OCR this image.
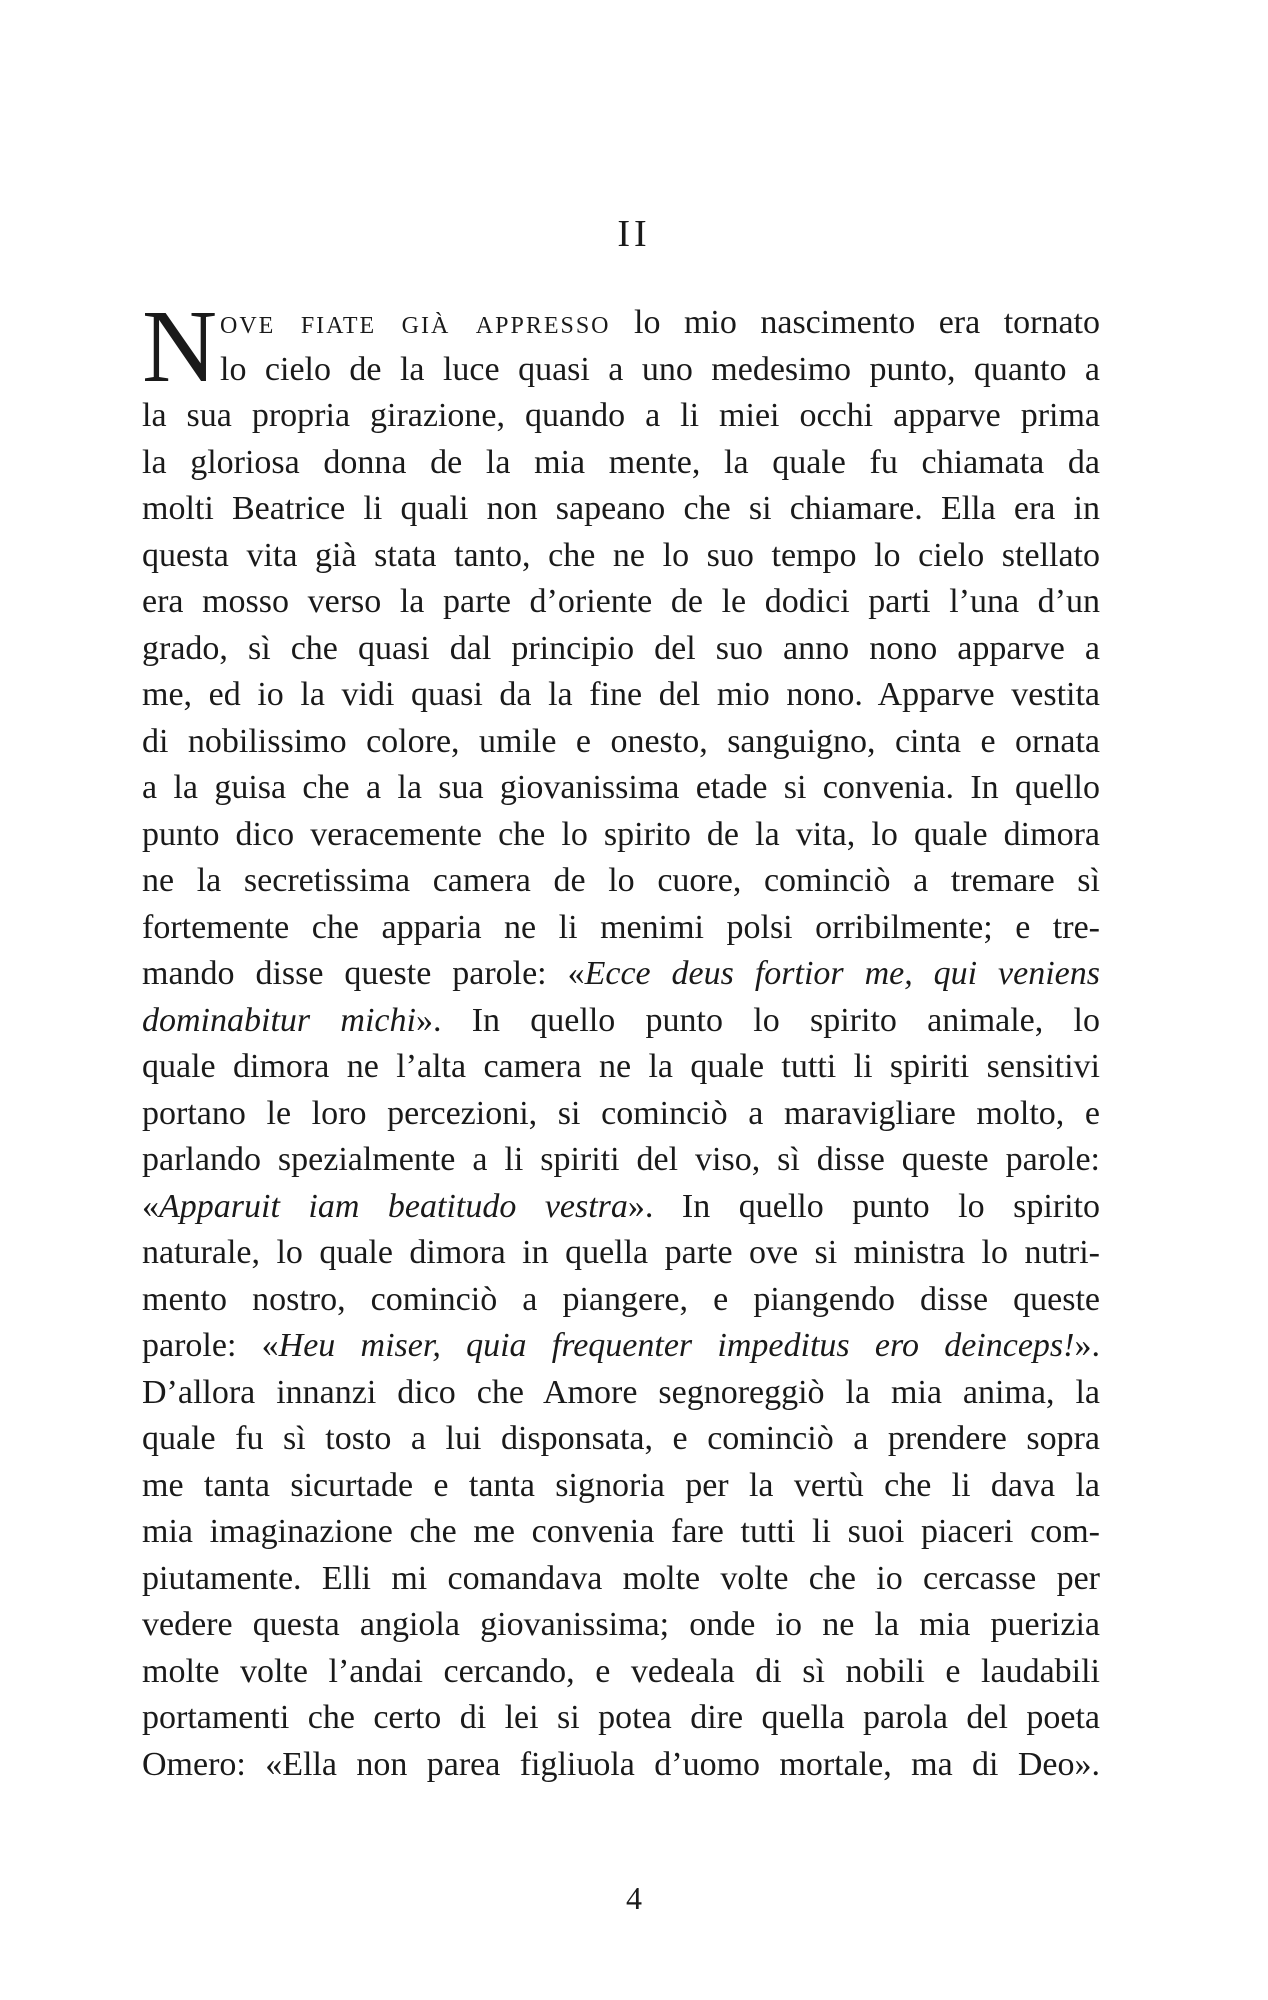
II
N ove fiate già appresso lo mio nascimento era tornato
lo cielo de la luce quasi a uno medesimo punto, quanto a
la sua propria girazione, quando a li miei occhi apparve prima
la gloriosa donna de la mia mente, la quale fu chiamata da
molti Beatrice li quali non sapeano che si chiamare. Ella era in
questa vita già stata tanto, che ne lo suo tempo lo cielo stellato
era mosso verso la parte d’oriente de le dodici parti l’una d’un
grado, sì che quasi dal principio del suo anno nono apparve a
me, ed io la vidi quasi da la fine del mio nono. Apparve vestita
di nobilissimo colore, umile e onesto, sanguigno, cinta e ornata
a la guisa che a la sua giovanissima etade si convenia. In quello
punto dico veracemente che lo spirito de la vita, lo quale dimora
ne la secretissima camera de lo cuore, cominciò a tremare sì
fortemente che apparia ne li menimi polsi orribilmente; e tre-
mando disse queste parole: «Ecce deus fortior me, qui veniens
dominabitur michi». In quello punto lo spirito animale, lo
quale dimora ne l’alta camera ne la quale tutti li spiriti sensitivi
portano le loro percezioni, si cominciò a maravigliare molto, e
parlando spezialmente a li spiriti del viso, sì disse queste parole:
«Apparuit iam beatitudo vestra». In quello punto lo spirito
naturale, lo quale dimora in quella parte ove si ministra lo nutri-
mento nostro, cominciò a piangere, e piangendo disse queste
parole: «Heu miser, quia frequenter impeditus ero deinceps!».
D’allora innanzi dico che Amore segnoreggiò la mia anima, la
quale fu sì tosto a lui disponsata, e cominciò a prendere sopra
me tanta sicurtade e tanta signoria per la vertù che li dava la
mia imaginazione che me convenia fare tutti li suoi piaceri com-
piutamente. Elli mi comandava molte volte che io cercasse per
vedere questa angiola giovanissima; onde io ne la mia puerizia
molte volte l’andai cercando, e vedeala di sì nobili e laudabili
portamenti che certo di lei si potea dire quella parola del poeta
Omero: «Ella non parea figliuola d’uomo mortale, ma di Deo».
4
